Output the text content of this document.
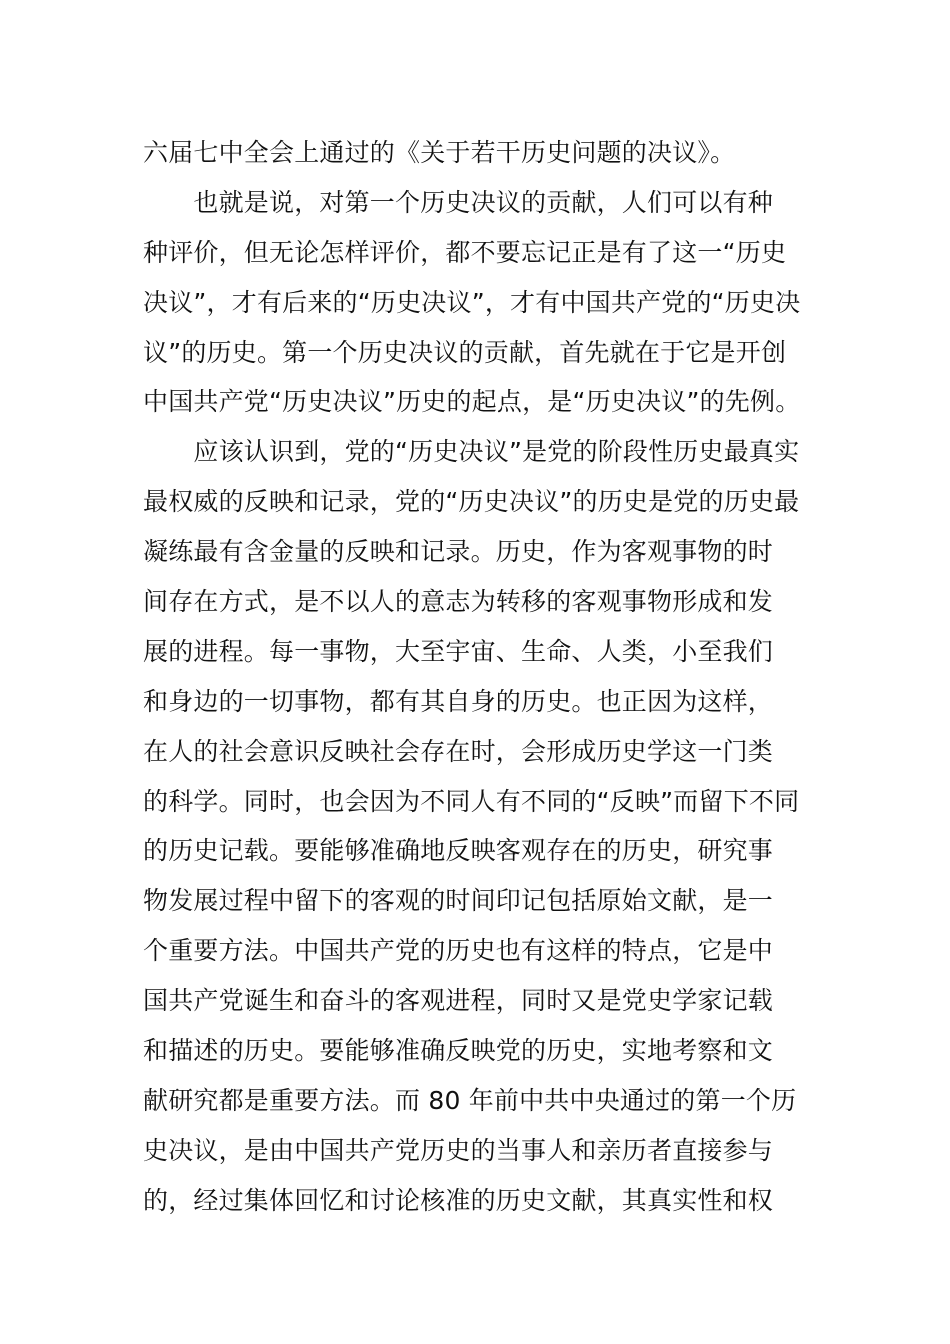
六届七中全会上通过的《关于若干历史问题的决议》。
　　也就是说，对第一个历史决议的贡献，人们可以有种
种评价，但无论怎样评价，都不要忘记正是有了这一“历史
决议”，才有后来的“历史决议”，才有中国共产党的“历史决
议”的历史。第一个历史决议的贡献，首先就在于它是开创
中国共产党“历史决议”历史的起点，是“历史决议”的先例。
　　应该认识到，党的“历史决议”是党的阶段性历史最真实
最权威的反映和记录，党的“历史决议”的历史是党的历史最
凝练最有含金量的反映和记录。历史，作为客观事物的时
间存在方式，是不以人的意志为转移的客观事物形成和发
展的进程。每一事物，大至宇宙、生命、人类，小至我们
和身边的一切事物，都有其自身的历史。也正因为这样，
在人的社会意识反映社会存在时，会形成历史学这一门类
的科学。同时，也会因为不同人有不同的“反映”而留下不同
的历史记载。要能够准确地反映客观存在的历史，研究事
物发展过程中留下的客观的时间印记包括原始文献，是一
个重要方法。中国共产党的历史也有这样的特点，它是中
国共产党诞生和奋斗的客观进程，同时又是党史学家记载
和描述的历史。要能够准确反映党的历史，实地考察和文
献研究都是重要方法。而 80 年前中共中央通过的第一个历
史决议，是由中国共产党历史的当事人和亲历者直接参与
的，经过集体回忆和讨论核准的历史文献，其真实性和权
